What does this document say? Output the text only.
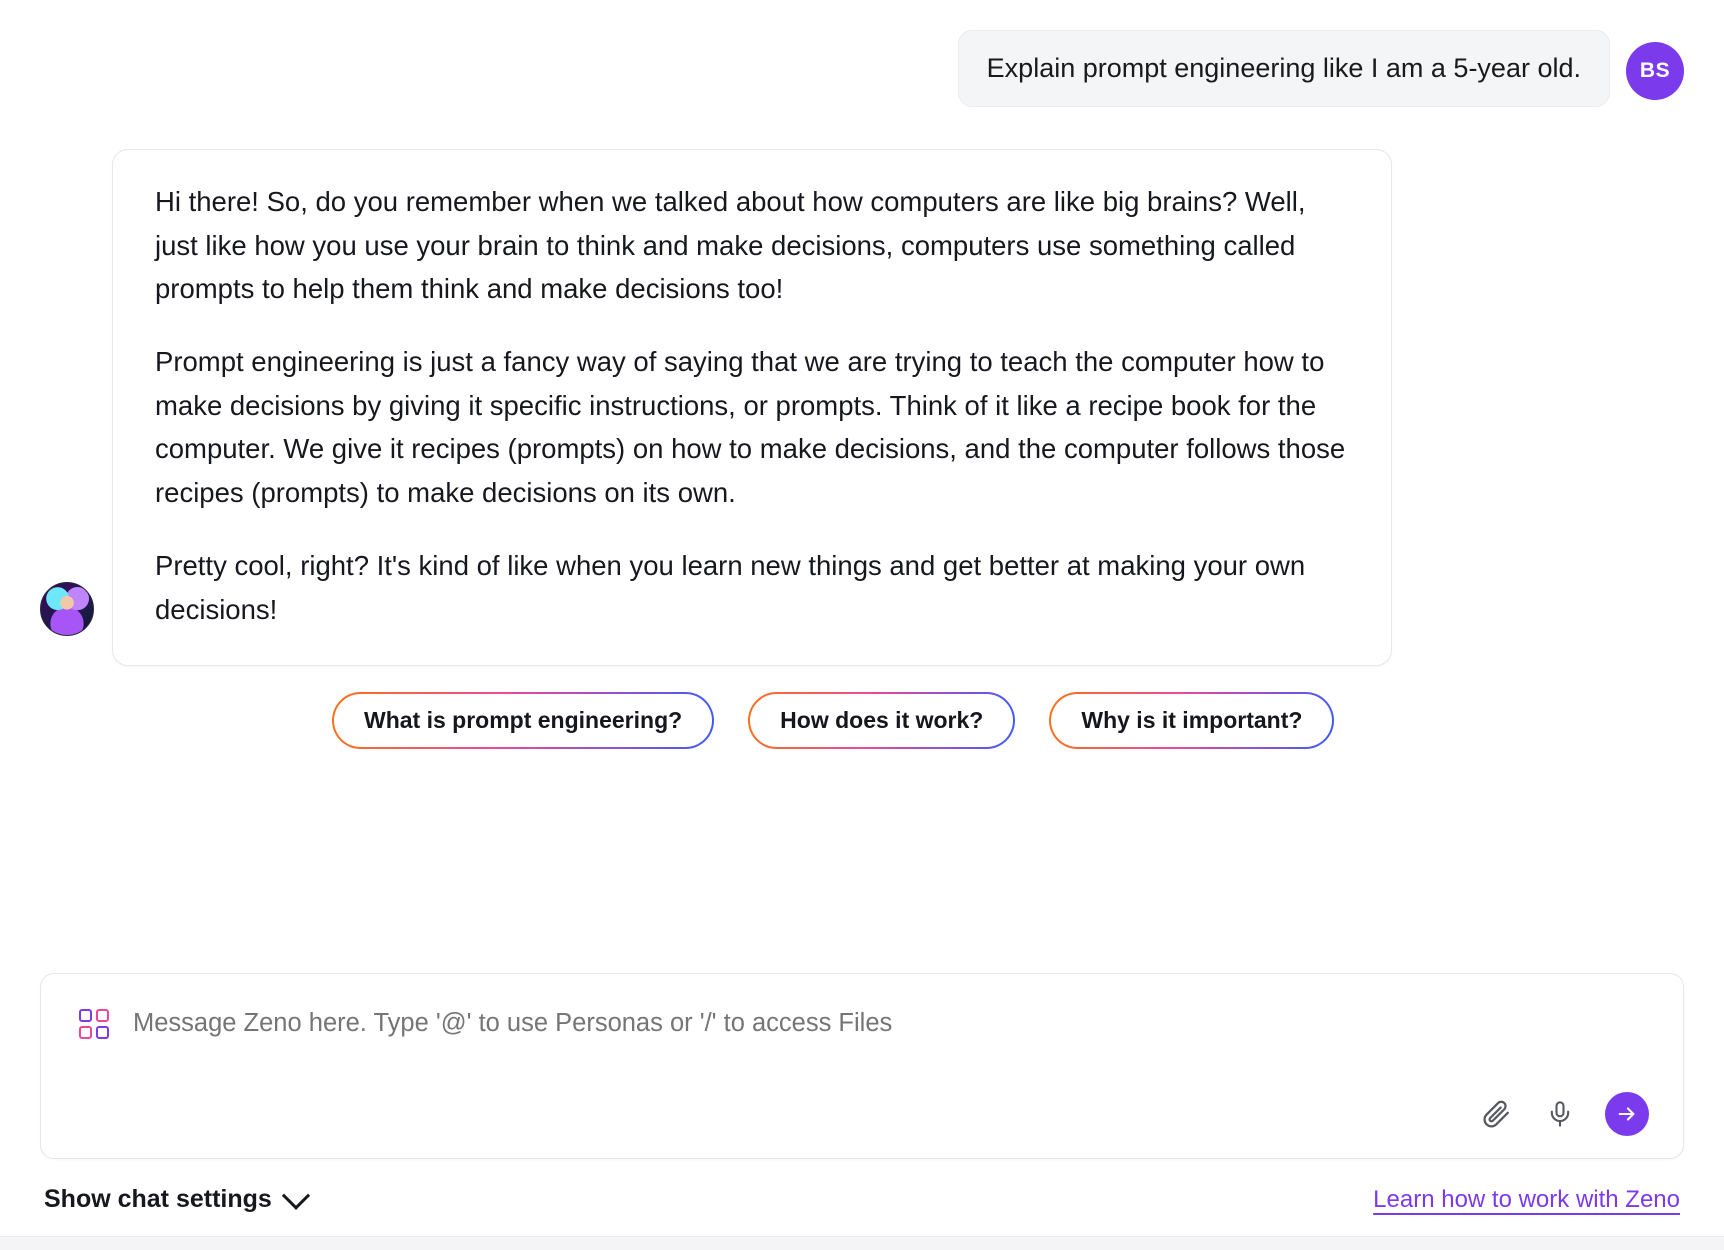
Explain prompt engineering like I am a 5-year old.	BS

Hi there! So, do you remember when we talked about how computers are like big brains? Well, just like how you use your brain to think and make decisions, computers use something called prompts to help them think and make decisions too!

Prompt engineering is just a fancy way of saying that we are trying to teach the computer how to make decisions by giving it specific instructions, or prompts. Think of it like a recipe book for the computer. We give it recipes (prompts) on how to make decisions, and the computer follows those recipes (prompts) to make decisions on its own.

Pretty cool, right? It's kind of like when you learn new things and get better at making your own decisions!

What is prompt engineering?	How does it work?	Why is it important?
Message Zeno here. Type '@' to use Personas or '/' to access Files
Show chat settings	Learn how to work with Zeno
